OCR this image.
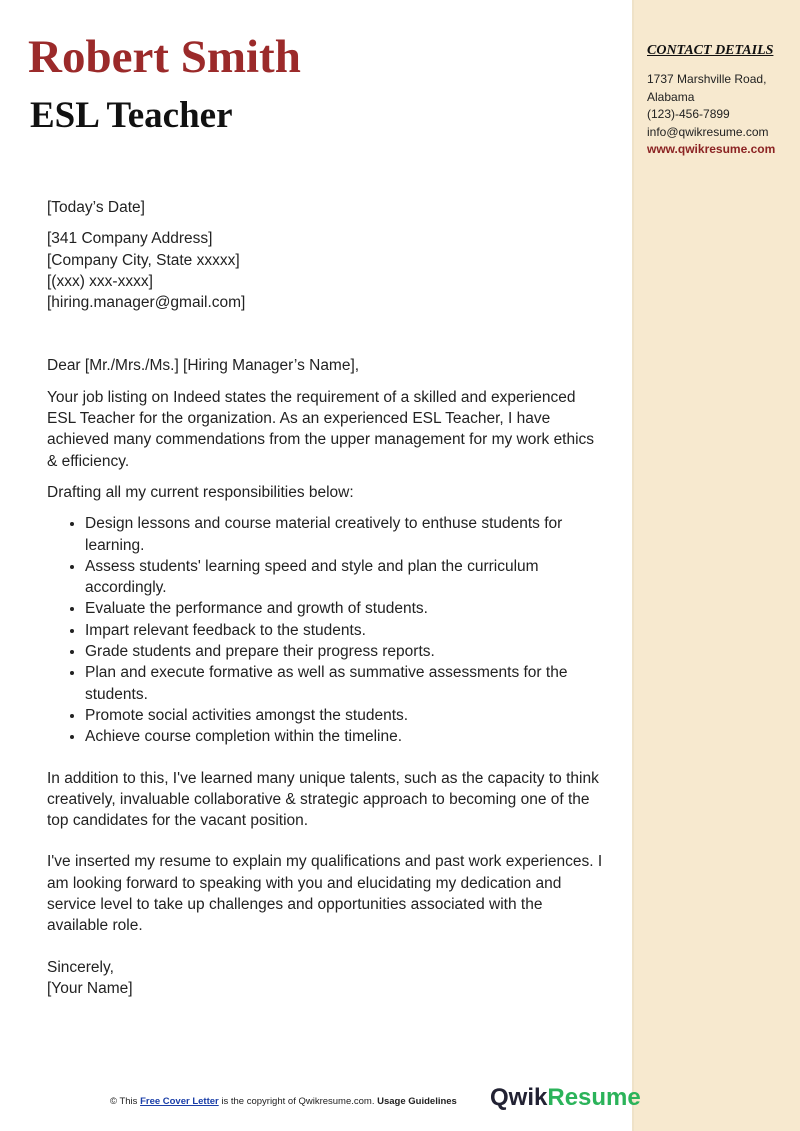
CONTACT DETAILS
1737 Marshville Road,
Alabama
(123)-456-7899
info@qwikresume.com
www.qwikresume.com
Robert Smith
ESL Teacher

[Today’s Date]

[341 Company Address]
[Company City, State xxxxx]
[(xxx) xxx-xxxx]
[hiring.manager@gmail.com]

Dear [Mr./Mrs./Ms.] [Hiring Manager’s Name],

Your job listing on Indeed states the requirement of a skilled and experienced ESL Teacher for the organization. As an experienced ESL Teacher, I have achieved many commendations from the upper management for my work ethics & efficiency.

Drafting all my current responsibilities below:

• Design lessons and course material creatively to enthuse students for learning.
• Assess students' learning speed and style and plan the curriculum accordingly.
• Evaluate the performance and growth of students.
• Impart relevant feedback to the students.
• Grade students and prepare their progress reports.
• Plan and execute formative as well as summative assessments for the students.
• Promote social activities amongst the students.
• Achieve course completion within the timeline.

In addition to this, I've learned many unique talents, such as the capacity to think creatively, invaluable collaborative & strategic approach to becoming one of the top candidates for the vacant position.

I've inserted my resume to explain my qualifications and past work experiences. I am looking forward to speaking with you and elucidating my dedication and service level to take up challenges and opportunities associated with the available role.

Sincerely,
[Your Name]

© This Free Cover Letter is the copyright of Qwikresume.com. Usage Guidelines QwikResume
